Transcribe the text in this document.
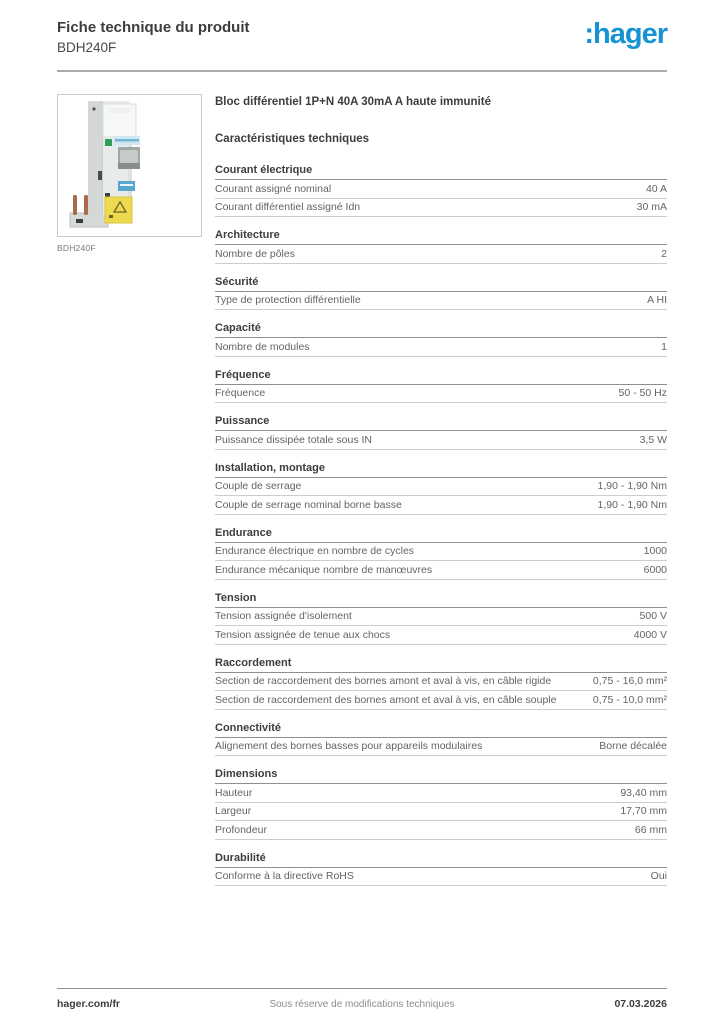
Fiche technique du produit
BDH240F	:hager
BDH240F
Bloc différentiel 1P+N 40A 30mA A haute immunité
Caractéristiques techniques
Courant électrique
Courant assigné nominal	40 A
Courant différentiel assigné Idn	30 mA
Architecture
Nombre de pôles	2
Sécurité
Type de protection différentielle	A HI
Capacité
Nombre de modules	1
Fréquence
Fréquence	50 - 50 Hz
Puissance
Puissance dissipée totale sous IN	3,5 W
Installation, montage
Couple de serrage	1,90 - 1,90 Nm
Couple de serrage nominal borne basse	1,90 - 1,90 Nm
Endurance
Endurance électrique en nombre de cycles	1000
Endurance mécanique nombre de manœuvres	6000
Tension
Tension assignée d'isolement	500 V
Tension assignée de tenue aux chocs	4000 V
Raccordement
Section de raccordement des bornes amont et aval à vis, en câble rigide	0,75 - 16,0 mm²
Section de raccordement des bornes amont et aval à vis, en câble souple	0,75 - 10,0 mm²
Connectivité
Alignement des bornes basses pour appareils modulaires	Borne décalée
Dimensions
Hauteur	93,40 mm
Largeur	17,70 mm
Profondeur	66 mm
Durabilité
Conforme à la directive RoHS	Oui
Sous réserve de modifications techniques
hager.com/fr	07.03.2026
